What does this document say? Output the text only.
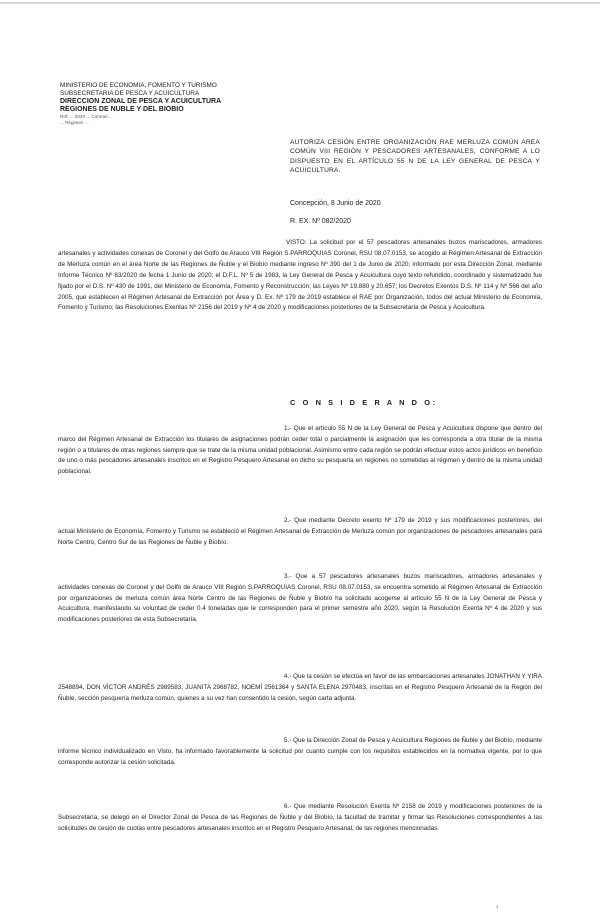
MINISTERIO DE ECONOMIA, FOMENTO Y TURISMO
SUBSECRETARIA DE PESCA Y ACUICULTURA
DIRECCION ZONAL DE PESCA Y ACUICULTURA
REGIONES DE ÑUBLE Y DEL BIOBIO
Ref: ... 2020 ... Coronel ...
... Régimen ...
AUTORIZA CESIÓN ENTRE ORGANIZACIÓN RAE MERLUZA COMÚN AREA COMÚN VIII REGIÓN Y PESCADORES ARTESANALES, CONFORME A LO DISPUESTO EN EL ARTÍCULO 55 N DE LA LEY GENERAL DE PESCA Y ACUICULTURA.
Concepción, 8 Junio de 2020
R. EX. Nº 082/2020
VISTO: La solicitud por el 57 pescadores artesanales buzos mariscadores, armadores artesanales y actividades conexas de Coronel y del Golfo de Arauco VIII Región S.PARROQUIAS Coronel, RSU 08.07.0153, se acogido al Régimen Artesanal de Extracción de Merluza común en el área Norte de las Regiones de Ñuble y el Biobío mediante ingreso Nº 390 del 1 de Junio de 2020; informado por esta Dirección Zonal, mediante Informe Técnico Nº 83/2020 de fecha 1 Junio de 2020; el D.F.L. Nº 5 de 1983, la Ley General de Pesca y Acuicultura cuyo texto refundido, coordinado y sistematizado fue fijado por el D.S. Nº 430 de 1991, del Ministerio de Economía, Fomento y Reconstrucción; las Leyes Nº 19.880 y 20.657; los Decretos Exentos D.S. Nº 114 y Nº 566 del año 2005, que establecen el Régimen Artesanal de Extracción por Área y D. Ex. Nº 179 de 2019 establece el RAE por Organización, todos del actual Ministerio de Economía, Fomento y Turismo; las Resoluciones Exentas Nº 2156 del 2019 y Nº 4 de 2020 y modificaciones posteriores de la Subsecretaría de Pesca y Acuicultura.
C O N S I D E R A N D O:
1.- Que el artículo 55 N de la Ley General de Pesca y Acuicultura dispone que dentro del marco del Régimen Artesanal de Extracción los titulares de asignaciones podrán ceder total o parcialmente la asignación que les corresponda a otra titular de la misma región o a titulares de otras regiones siempre que se trate de la misma unidad poblacional. Asimismo entre cada región se podrán efectuar estos actos jurídicos en beneficio de uno o más pescadores artesanales inscritos en el Registro Pesquero Artesanal en dicho su pesquería en regiones no sometidas al régimen y dentro de la misma unidad poblacional.
2.- Que mediante Decreto exento Nº 179 de 2019 y sus modificaciones posteriores, del actual Ministerio de Economía, Fomento y Turismo se estableció el Régimen Artesanal de Extracción de Merluza común por organizaciones de pescadores artesanales para Norte Centro, Centro Sur de las Regiones de Ñuble y Biobío.
3.- Que a 57 pescadores artesanales buzos mariscadores, armadores artesanales y actividades conexas de Coronel y del Golfo de Arauco VIII Región S.PARROQUIAS Coronel, RSU 08.07.0153, se encuentra sometido al Régimen Artesanal de Extracción por organizaciones de merluza común área Norte Centro de las Regiones de Ñuble y Biobío ha solicitado acogerse al artículo 55 N de la Ley General de Pesca y Acuicultura, manifestando su voluntad de ceder 0.4 toneladas que le corresponden para el primer semestre año 2020, según la Resolución Exenta Nº 4 de 2020 y sus modificaciones posteriores de esta Subsecretaría.
4.- Que la cesión se efectúa en favor de las embarcaciones artesanales JONATHAN Y YIRA 2548894, DON VÍCTOR ANDRÉS 2989583, JUANITA 2968782, NOEMÍ 2561364 y SANTA ELENA 2970483, inscritas en el Registro Pesquero Artesanal de la Región del Ñuble, sección pesquería merluza común, quienes a su vez han consentido la cesión, según carta adjunta.
5.- Que la Dirección Zonal de Pesca y Acuicultura Regiones de Ñuble y del Biobío, mediante informe técnico individualizado en Visto, ha informado favorablemente la solicitud por cuanto cumple con los requisitos establecidos en la normativa vigente, por lo que corresponde autorizar la cesión solicitada.
6.- Que mediante Resolución Exenta Nº 2158 de 2019 y modificaciones posteriores de la Subsecretaría, se delegó en el Director Zonal de Pesca de las Regiones de Ñuble y del Biobío, la facultad de tramitar y firmar las Resoluciones correspondientes a las solicitudes de cesión de cuotas entre pescadores artesanales inscritos en el Registro Pesquero Artesanal, de las regiones mencionadas.
1
